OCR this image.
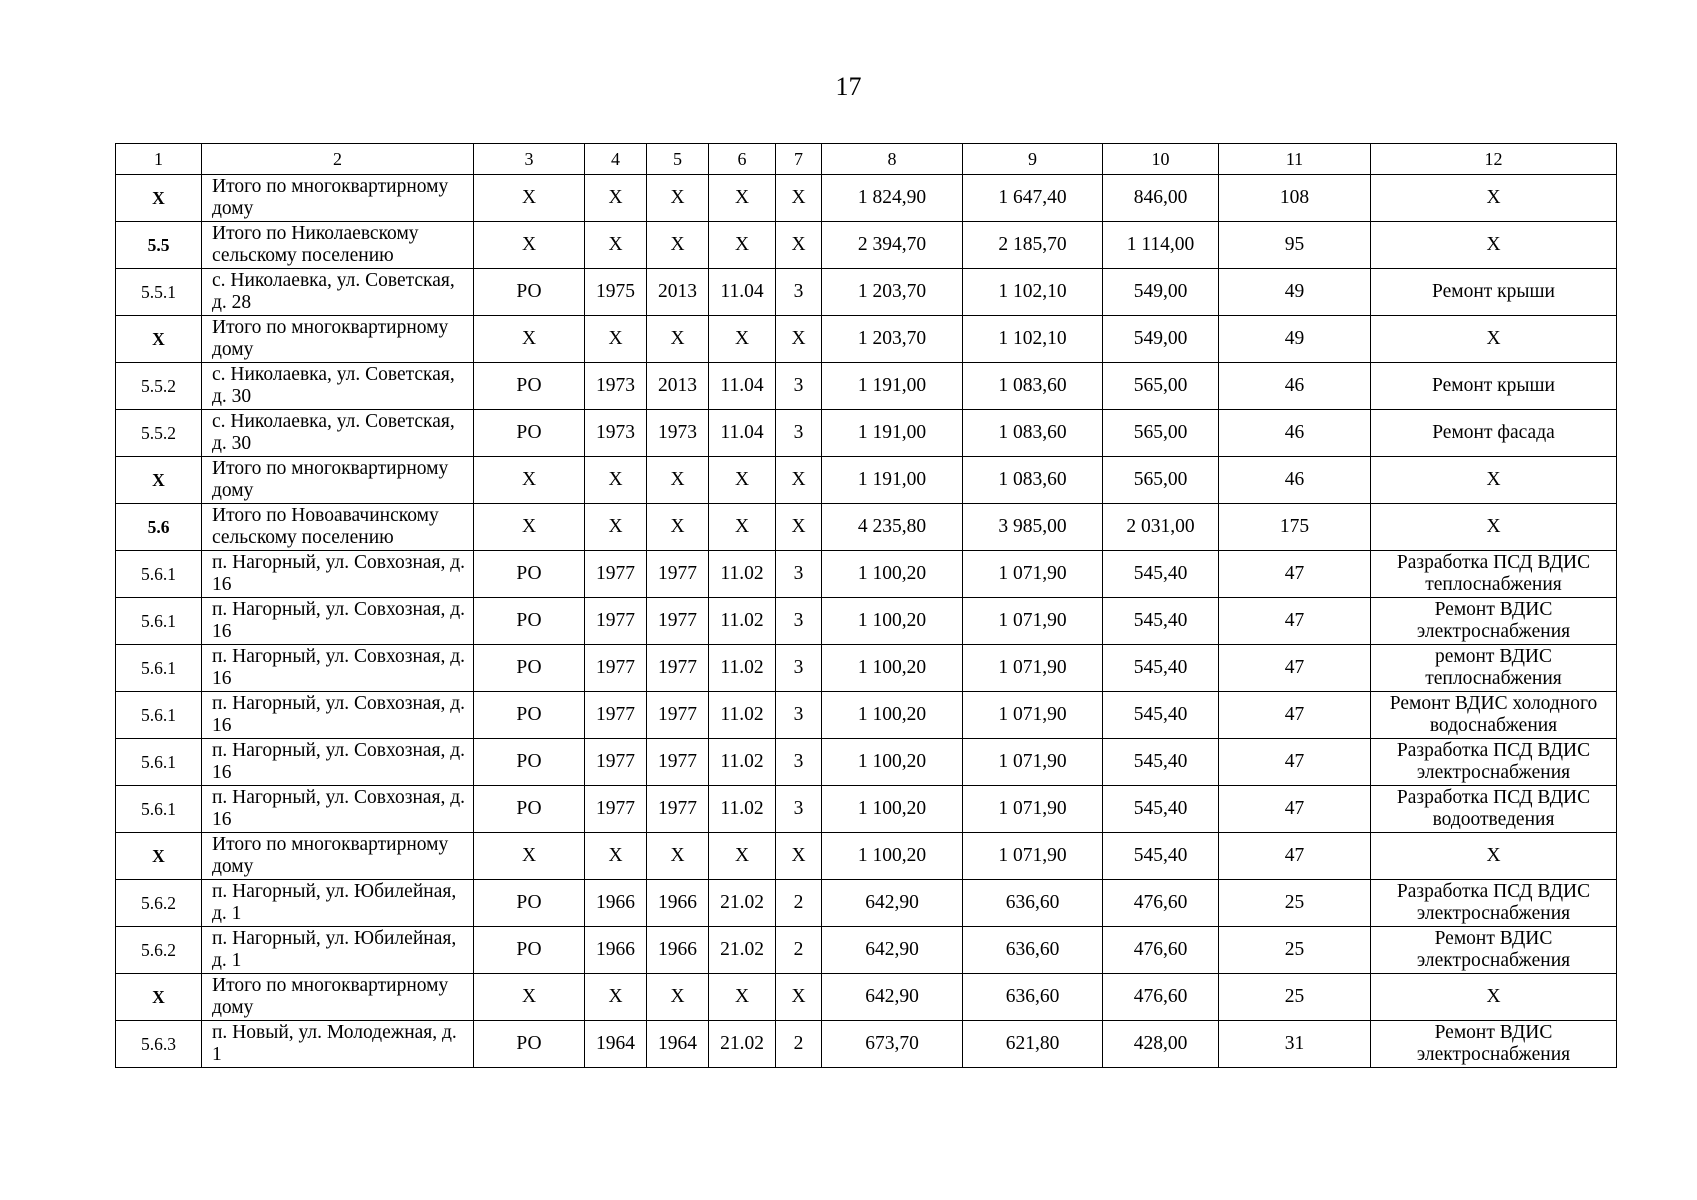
17
1	2	3	4	5	6	7	8	9	10	11	12
Х	Итого по многоквартирному дому	Х	Х	Х	Х	Х	1 824,90	1 647,40	846,00	108	Х
5.5	Итого по Николаевскому сельскому поселению	Х	Х	Х	Х	Х	2 394,70	2 185,70	1 114,00	95	Х
5.5.1	с. Николаевка, ул. Советская, д. 28	РО	1975	2013	11.04	3	1 203,70	1 102,10	549,00	49	Ремонт крыши
Х	Итого по многоквартирному дому	Х	Х	Х	Х	Х	1 203,70	1 102,10	549,00	49	Х
5.5.2	с. Николаевка, ул. Советская, д. 30	РО	1973	2013	11.04	3	1 191,00	1 083,60	565,00	46	Ремонт крыши
5.5.2	с. Николаевка, ул. Советская, д. 30	РО	1973	1973	11.04	3	1 191,00	1 083,60	565,00	46	Ремонт фасада
Х	Итого по многоквартирному дому	Х	Х	Х	Х	Х	1 191,00	1 083,60	565,00	46	Х
5.6	Итого по Новоавачинскому сельскому поселению	Х	Х	Х	Х	Х	4 235,80	3 985,00	2 031,00	175	Х
5.6.1	п. Нагорный, ул. Совхозная, д. 16	РО	1977	1977	11.02	3	1 100,20	1 071,90	545,40	47	Разработка ПСД ВДИС теплоснабжения
5.6.1	п. Нагорный, ул. Совхозная, д. 16	РО	1977	1977	11.02	3	1 100,20	1 071,90	545,40	47	Ремонт ВДИС электроснабжения
5.6.1	п. Нагорный, ул. Совхозная, д. 16	РО	1977	1977	11.02	3	1 100,20	1 071,90	545,40	47	ремонт ВДИС теплоснабжения
5.6.1	п. Нагорный, ул. Совхозная, д. 16	РО	1977	1977	11.02	3	1 100,20	1 071,90	545,40	47	Ремонт ВДИС холодного водоснабжения
5.6.1	п. Нагорный, ул. Совхозная, д. 16	РО	1977	1977	11.02	3	1 100,20	1 071,90	545,40	47	Разработка ПСД ВДИС электроснабжения
5.6.1	п. Нагорный, ул. Совхозная, д. 16	РО	1977	1977	11.02	3	1 100,20	1 071,90	545,40	47	Разработка ПСД ВДИС водоотведения
Х	Итого по многоквартирному дому	Х	Х	Х	Х	Х	1 100,20	1 071,90	545,40	47	Х
5.6.2	п. Нагорный, ул. Юбилейная, д. 1	РО	1966	1966	21.02	2	642,90	636,60	476,60	25	Разработка ПСД ВДИС электроснабжения
5.6.2	п. Нагорный, ул. Юбилейная, д. 1	РО	1966	1966	21.02	2	642,90	636,60	476,60	25	Ремонт ВДИС электроснабжения
Х	Итого по многоквартирному дому	Х	Х	Х	Х	Х	642,90	636,60	476,60	25	Х
5.6.3	п. Новый, ул. Молодежная, д. 1	РО	1964	1964	21.02	2	673,70	621,80	428,00	31	Ремонт ВДИС электроснабжения
